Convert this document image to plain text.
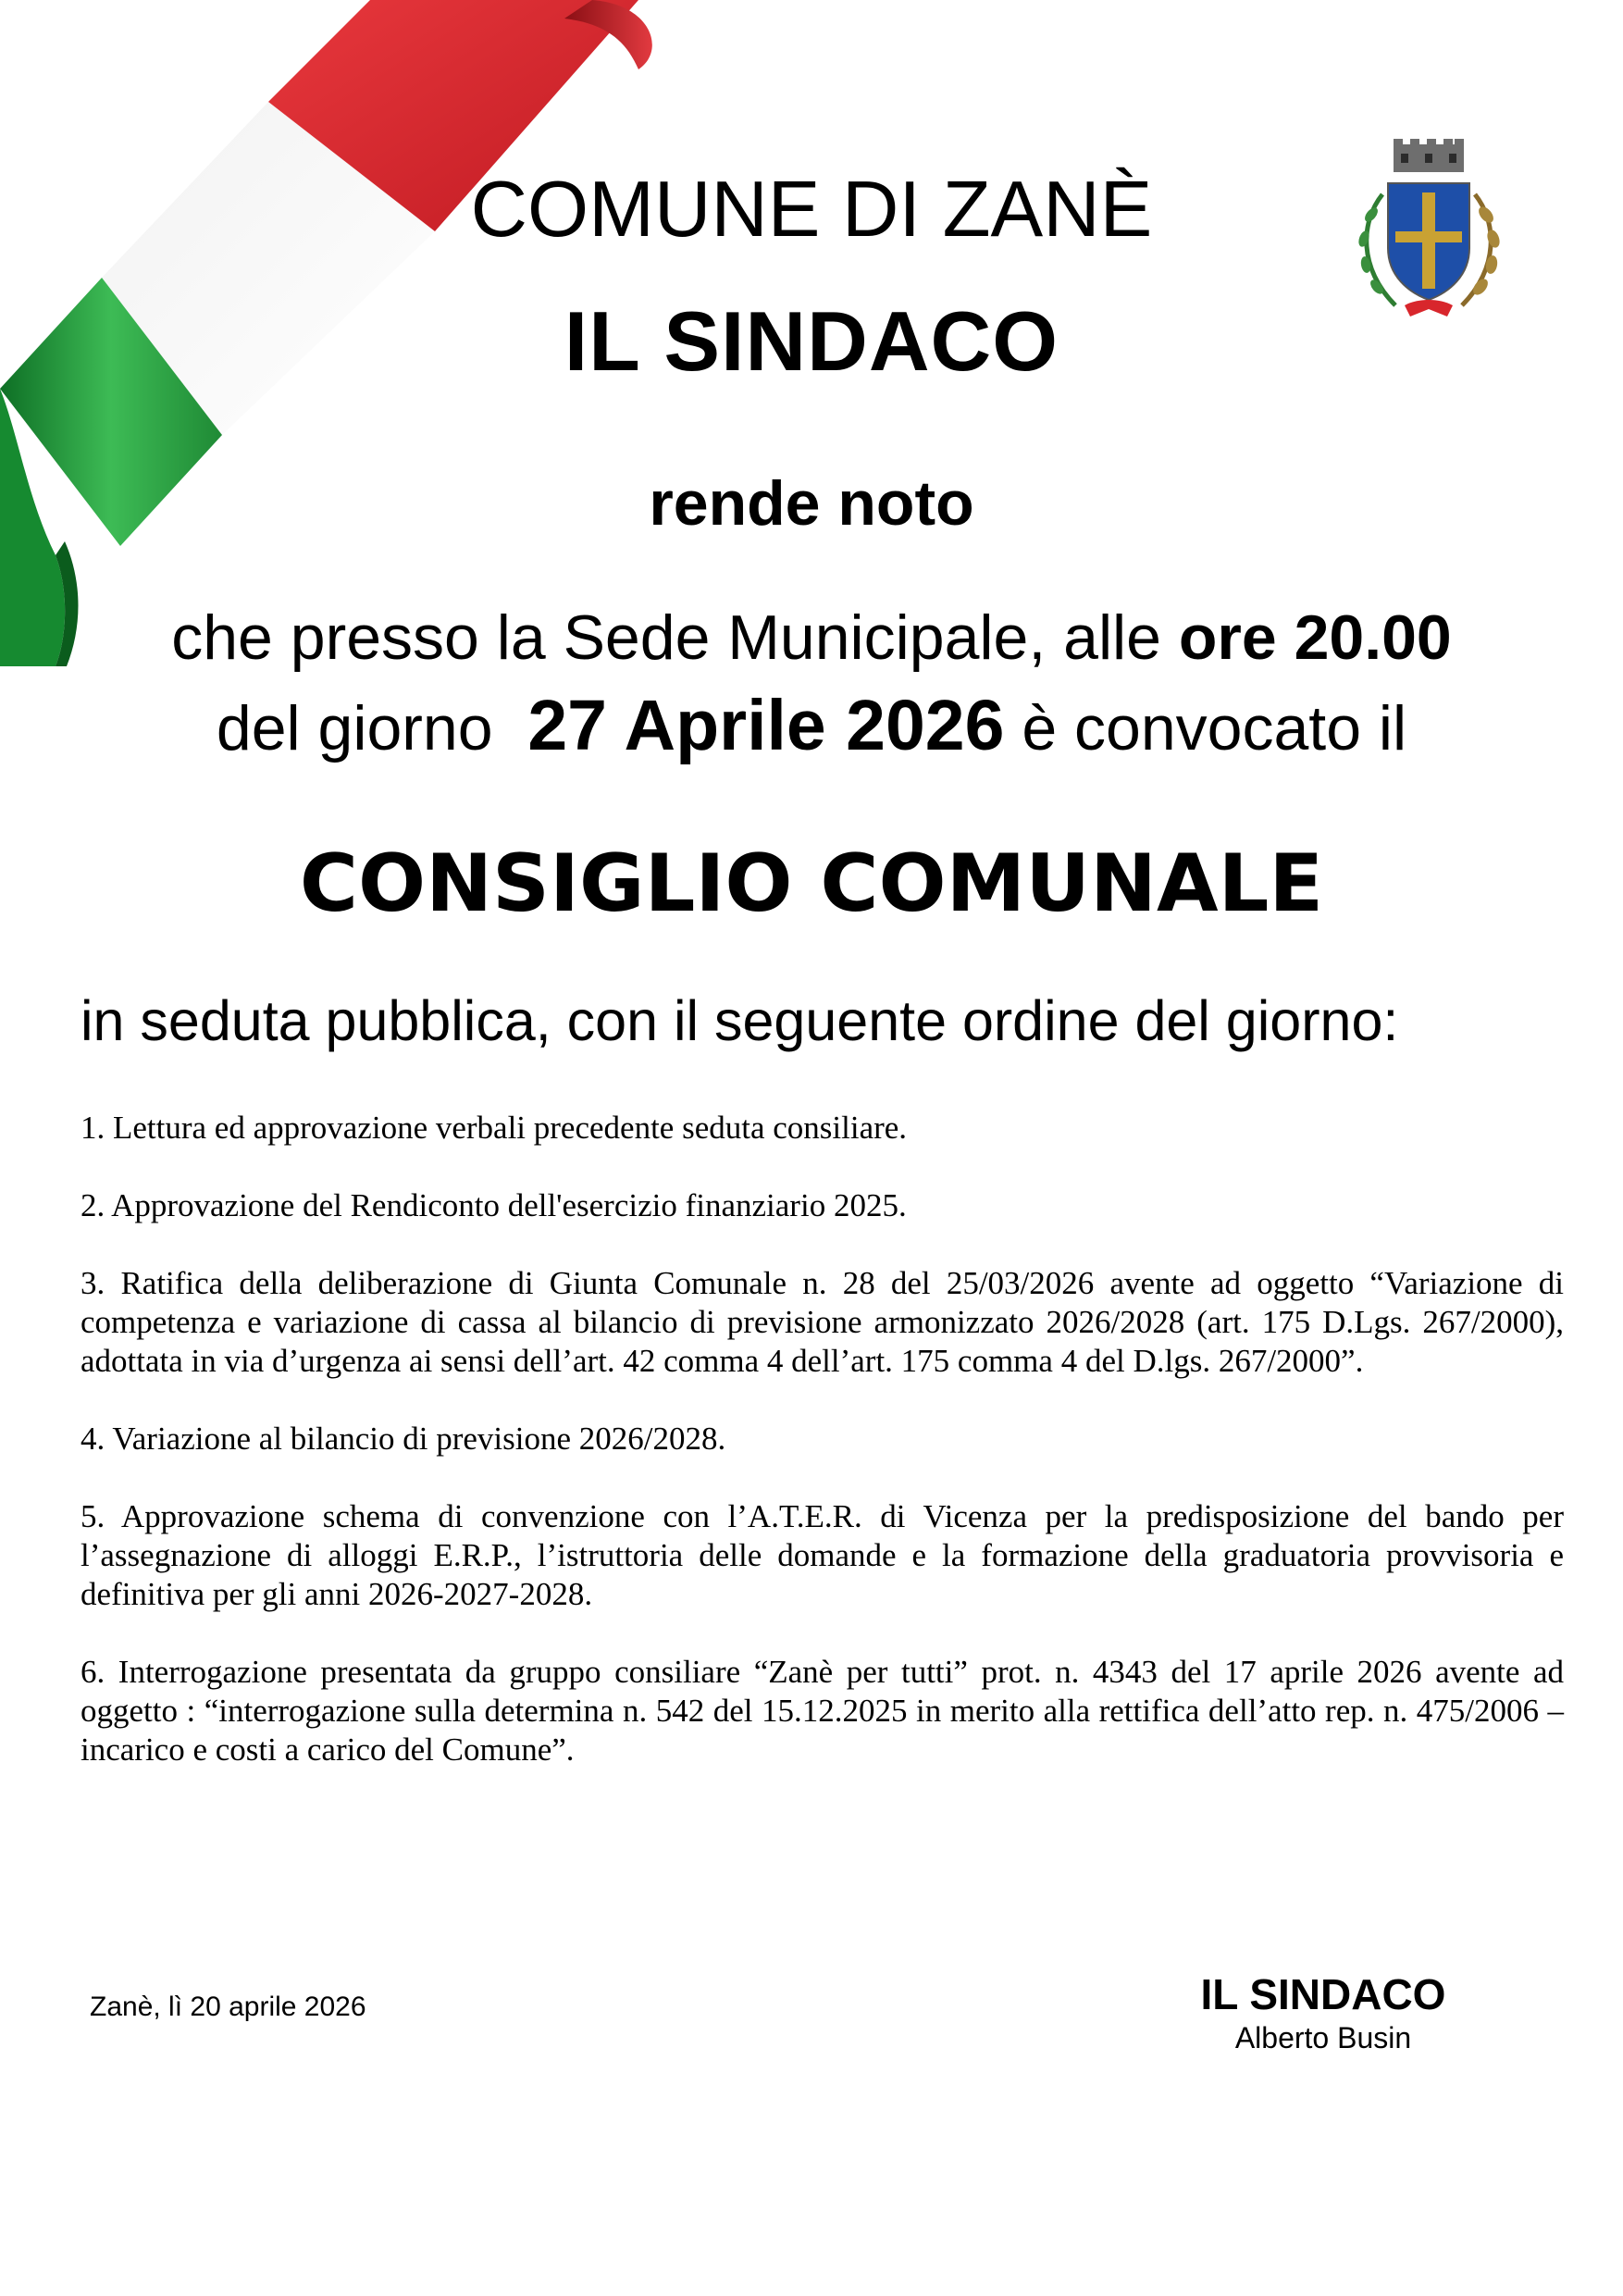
COMUNE DI ZANÈ
IL SINDACO
rende noto
che presso la Sede Municipale, alle ore 20.00
del giorno  27 Aprile 2026 è convocato il
CONSIGLIO COMUNALE
in seduta pubblica, con il seguente ordine del giorno:

1. Lettura ed approvazione verbali precedente seduta consiliare.

2. Approvazione del Rendiconto dell'esercizio finanziario 2025.

3. Ratifica della deliberazione di Giunta Comunale n. 28 del 25/03/2026 avente ad oggetto “Variazione di competenza e variazione di cassa al bilancio di previsione armonizzato 2026/2028 (art. 175 D.Lgs. 267/2000), adottata in via d’urgenza ai sensi dell’art. 42 comma 4 dell’art. 175 comma 4 del D.lgs. 267/2000”.

4. Variazione al bilancio di previsione 2026/2028.

5. Approvazione schema di convenzione con l’A.T.E.R. di Vicenza per la predisposizione del bando per l’assegnazione di alloggi E.R.P., l’istruttoria delle domande e la formazione della graduatoria provvisoria e definitiva per gli anni 2026-2027-2028.

6. Interrogazione presentata da gruppo consiliare “Zanè per tutti” prot. n. 4343 del 17 aprile 2026 avente ad oggetto : “interrogazione sulla determina n. 542 del 15.12.2025 in merito alla rettifica dell’atto rep. n. 475/2006 – incarico e costi a carico del Comune”.

Zanè, lì 20 aprile 2026	IL SINDACO
Alberto Busin
